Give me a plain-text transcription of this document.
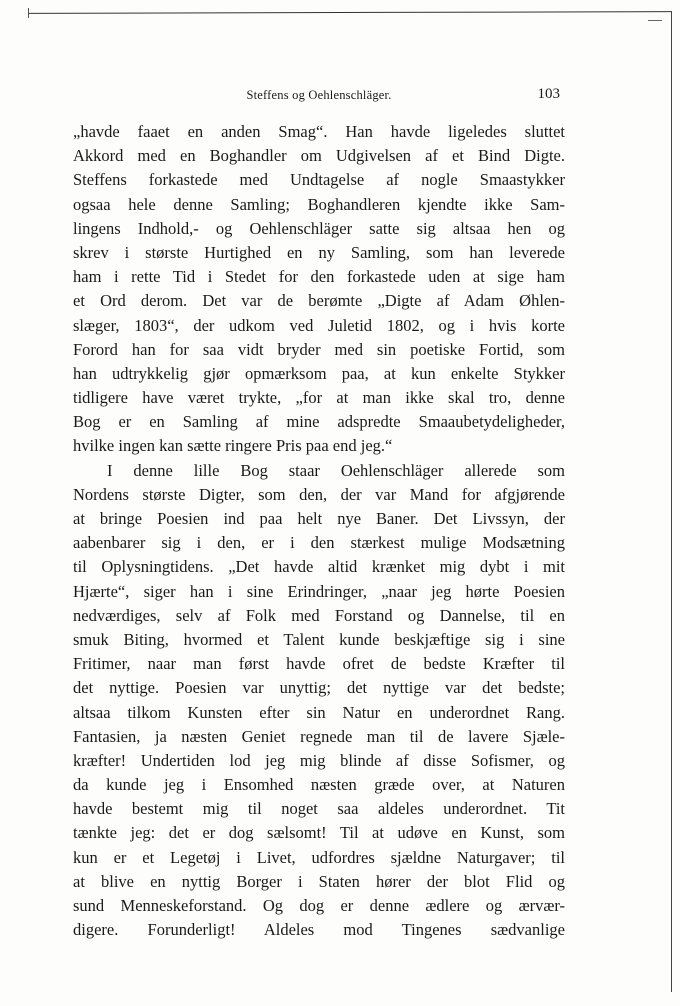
Steffens og Oehlenschläger.	103
„havde faaet en anden Smag“. Han havde ligeledes sluttet
Akkord med en Boghandler om Udgivelsen af et Bind Digte.
Steffens forkastede med Undtagelse af nogle Smaastykker
ogsaa hele denne Samling; Boghandleren kjendte ikke Sam-
lingens Indhold,- og Oehlenschläger satte sig altsaa hen og
skrev i største Hurtighed en ny Samling, som han leverede
ham i rette Tid i Stedet for den forkastede uden at sige ham
et Ord derom. Det var de berømte „Digte af Adam Øhlen-
slæger, 1803“, der udkom ved Juletid 1802, og i hvis korte
Forord han for saa vidt bryder med sin poetiske Fortid, som
han udtrykkelig gjør opmærksom paa, at kun enkelte Stykker
tidligere have været trykte, „for at man ikke skal tro, denne
Bog er en Samling af mine adspredte Smaaubetydeligheder,
hvilke ingen kan sætte ringere Pris paa end jeg.“
I denne lille Bog staar Oehlenschläger allerede som
Nordens største Digter, som den, der var Mand for afgjørende
at bringe Poesien ind paa helt nye Baner. Det Livssyn, der
aabenbarer sig i den, er i den stærkest mulige Modsætning
til Oplysningtidens. „Det havde altid krænket mig dybt i mit
Hjærte“, siger han i sine Erindringer, „naar jeg hørte Poesien
nedværdiges, selv af Folk med Forstand og Dannelse, til en
smuk Biting, hvormed et Talent kunde beskjæftige sig i sine
Fritimer, naar man først havde ofret de bedste Kræfter til
det nyttige. Poesien var unyttig; det nyttige var det bedste;
altsaa tilkom Kunsten efter sin Natur en underordnet Rang.
Fantasien, ja næsten Geniet regnede man til de lavere Sjæle-
kræfter! Undertiden lod jeg mig blinde af disse Sofismer, og
da kunde jeg i Ensomhed næsten græde over, at Naturen
havde bestemt mig til noget saa aldeles underordnet. Tit
tænkte jeg: det er dog sælsomt! Til at udøve en Kunst, som
kun er et Legetøj i Livet, udfordres sjældne Naturgaver; til
at blive en nyttig Borger i Staten hører der blot Flid og
sund Menneskeforstand. Og dog er denne ædlere og ærvær-
digere. Forunderligt! Aldeles mod Tingenes sædvanlige
